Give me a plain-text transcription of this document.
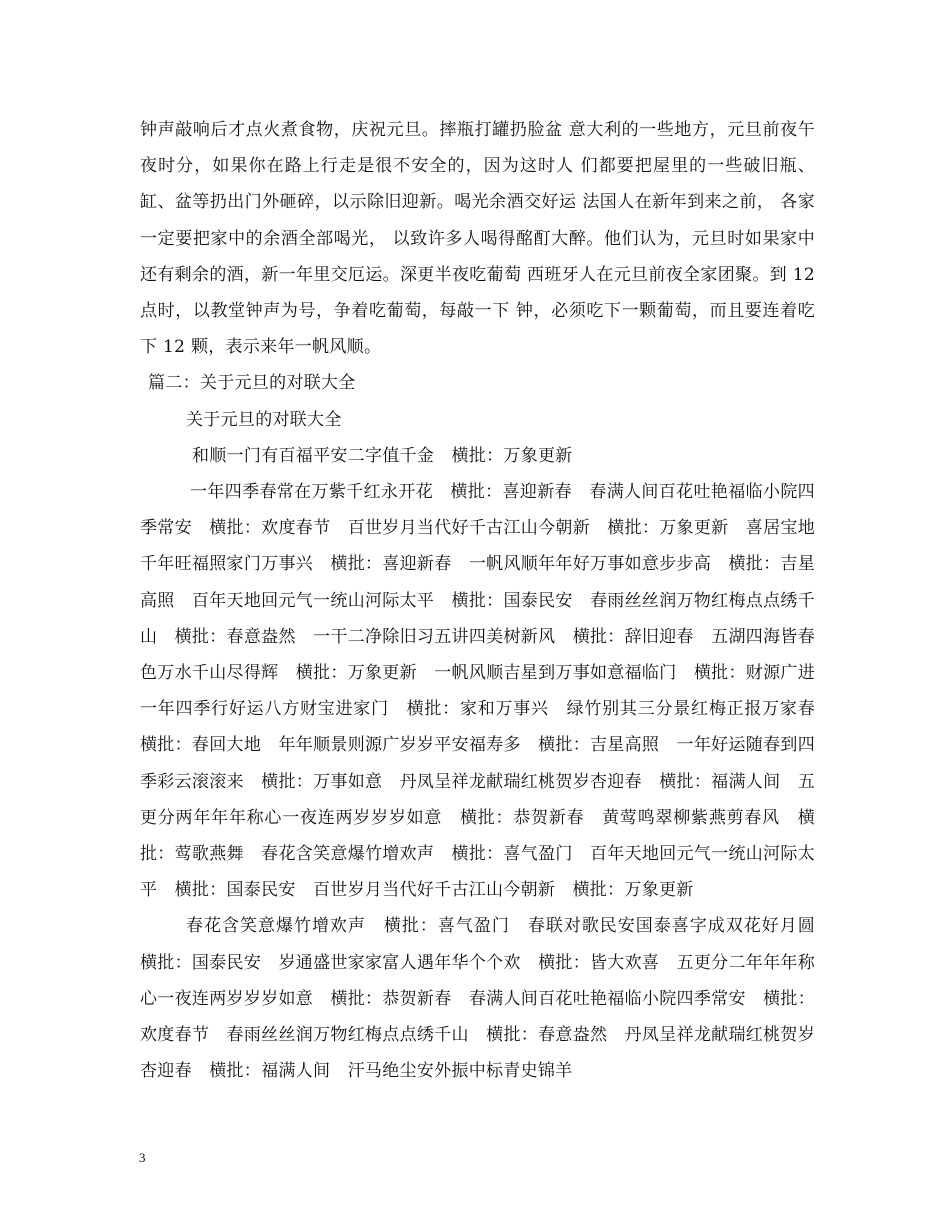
钟声敲响后才点火煮食物，庆祝元旦。摔瓶打罐扔脸盆 意大利的一些地方，元旦前夜午夜时分，如果你在路上行走是很不安全的，因为这时人 们都要把屋里的一些破旧瓶、缸、盆等扔出门外砸碎，以示除旧迎新。喝光余酒交好运 法国人在新年到来之前， 各家一定要把家中的余酒全部喝光， 以致许多人喝得酩酊大醉。他们认为，元旦时如果家中还有剩余的酒，新一年里交厄运。深更半夜吃葡萄 西班牙人在元旦前夜全家团聚。到 12 点时，以教堂钟声为号，争着吃葡萄，每敲一下 钟，必须吃下一颗葡萄，而且要连着吃下 12 颗，表示来年一帆风顺。

篇二：关于元旦的对联大全

关于元旦的对联大全

和顺一门有百福平安二字值千金　横批：万象更新

一年四季春常在万紫千红永开花　横批：喜迎新春　春满人间百花吐艳福临小院四季常安　横批：欢度春节　百世岁月当代好千古江山今朝新　横批：万象更新　喜居宝地千年旺福照家门万事兴　横批：喜迎新春　一帆风顺年年好万事如意步步高　横批：吉星高照　百年天地回元气一统山河际太平　横批：国泰民安　春雨丝丝润万物红梅点点绣千山　横批：春意盎然　一干二净除旧习五讲四美树新风　横批：辞旧迎春　五湖四海皆春色万水千山尽得辉　横批：万象更新　一帆风顺吉星到万事如意福临门　横批：财源广进　一年四季行好运八方财宝进家门　横批：家和万事兴　绿竹别其三分景红梅正报万家春　横批：春回大地　年年顺景则源广岁岁平安福寿多　横批：吉星高照　一年好运随春到四季彩云滚滚来　横批：万事如意　丹凤呈祥龙献瑞红桃贺岁杏迎春　横批：福满人间　五更分两年年年称心一夜连两岁岁岁如意　横批：恭贺新春　黄莺鸣翠柳紫燕剪春风　横批：莺歌燕舞　春花含笑意爆竹增欢声　横批：喜气盈门　百年天地回元气一统山河际太平　横批：国泰民安　百世岁月当代好千古江山今朝新　横批：万象更新

春花含笑意爆竹增欢声　横批：喜气盈门　春联对歌民安国泰喜字成双花好月圆　横批：国泰民安　岁通盛世家家富人遇年华个个欢　横批：皆大欢喜　五更分二年年年称心一夜连两岁岁岁如意　横批：恭贺新春　春满人间百花吐艳福临小院四季常安　横批：欢度春节　春雨丝丝润万物红梅点点绣千山　横批：春意盎然　丹凤呈祥龙献瑞红桃贺岁杏迎春　横批：福满人间　汗马绝尘安外振中标青史锦羊

3
